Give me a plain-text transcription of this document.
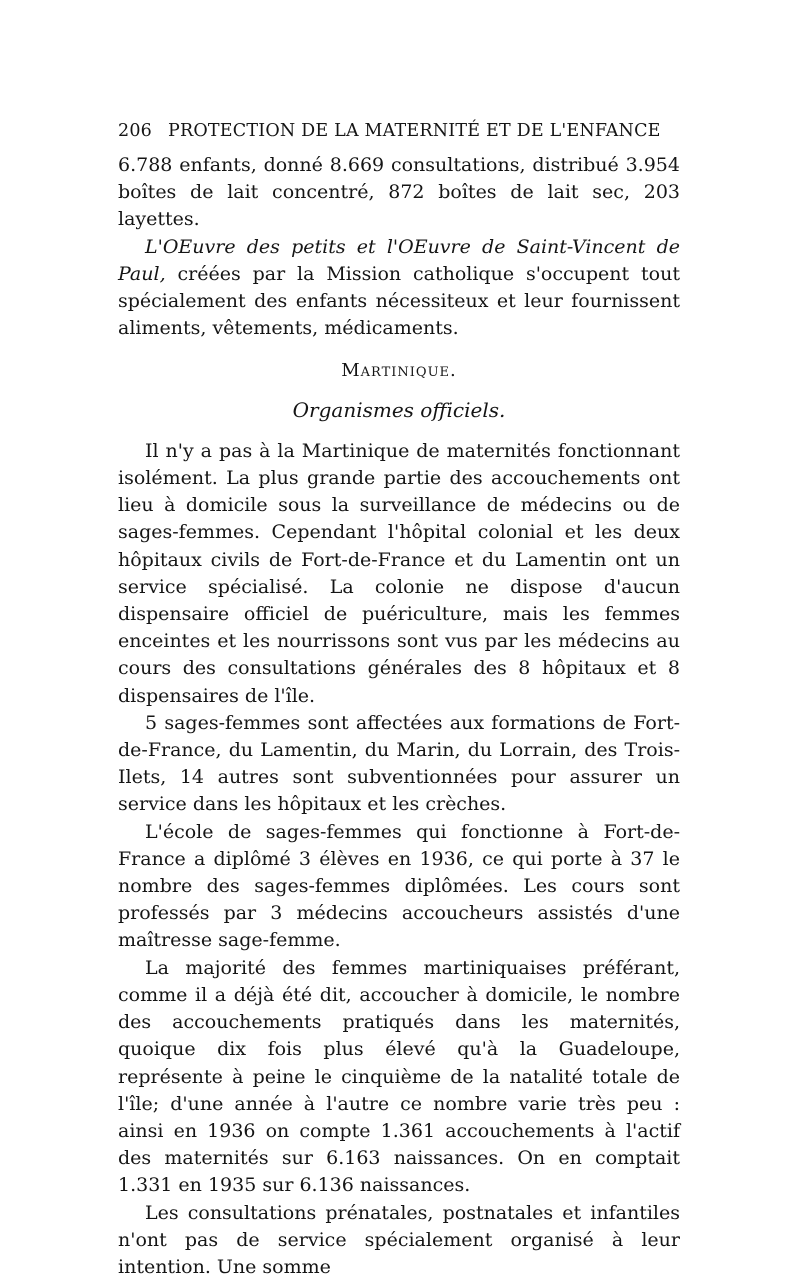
206 PROTECTION DE LA MATERNITÉ ET DE L'ENFANCE

6.788 enfants, donné 8.669 consultations, distribué 3.954 boîtes de lait concentré, 872 boîtes de lait sec, 203 layettes.

L'OEuvre des petits et l'OEuvre de Saint-Vincent de Paul, créées par la Mission catholique s'occupent tout spécialement des enfants nécessiteux et leur fournissent aliments, vêtements, médicaments.

Martinique.
Organismes officiels.

Il n'y a pas à la Martinique de maternités fonctionnant isolément. La plus grande partie des accouchements ont lieu à domicile sous la surveillance de médecins ou de sages-femmes. Cependant l'hôpital colonial et les deux hôpitaux civils de Fort-de-France et du Lamentin ont un service spécialisé. La colonie ne dispose d'aucun dispensaire officiel de puériculture, mais les femmes enceintes et les nourrissons sont vus par les médecins au cours des consultations générales des 8 hôpitaux et 8 dispensaires de l'île.

5 sages-femmes sont affectées aux formations de Fort-de-France, du Lamentin, du Marin, du Lorrain, des Trois-Ilets, 14 autres sont subventionnées pour assurer un service dans les hôpitaux et les crèches.

L'école de sages-femmes qui fonctionne à Fort-de-France a diplômé 3 élèves en 1936, ce qui porte à 37 le nombre des sages-femmes diplômées. Les cours sont professés par 3 médecins accoucheurs assistés d'une maîtresse sage-femme.

La majorité des femmes martiniquaises préférant, comme il a déjà été dit, accoucher à domicile, le nombre des accouchements pratiqués dans les maternités, quoique dix fois plus élevé qu'à la Guadeloupe, représente à peine le cinquième de la natalité totale de l'île; d'une année à l'autre ce nombre varie très peu : ainsi en 1936 on compte 1.361 accouchements à l'actif des maternités sur 6.163 naissances. On en comptait 1.331 en 1935 sur 6.136 naissances.

Les consultations prénatales, postnatales et infantiles n'ont pas de service spécialement organisé à leur intention. Une somme
